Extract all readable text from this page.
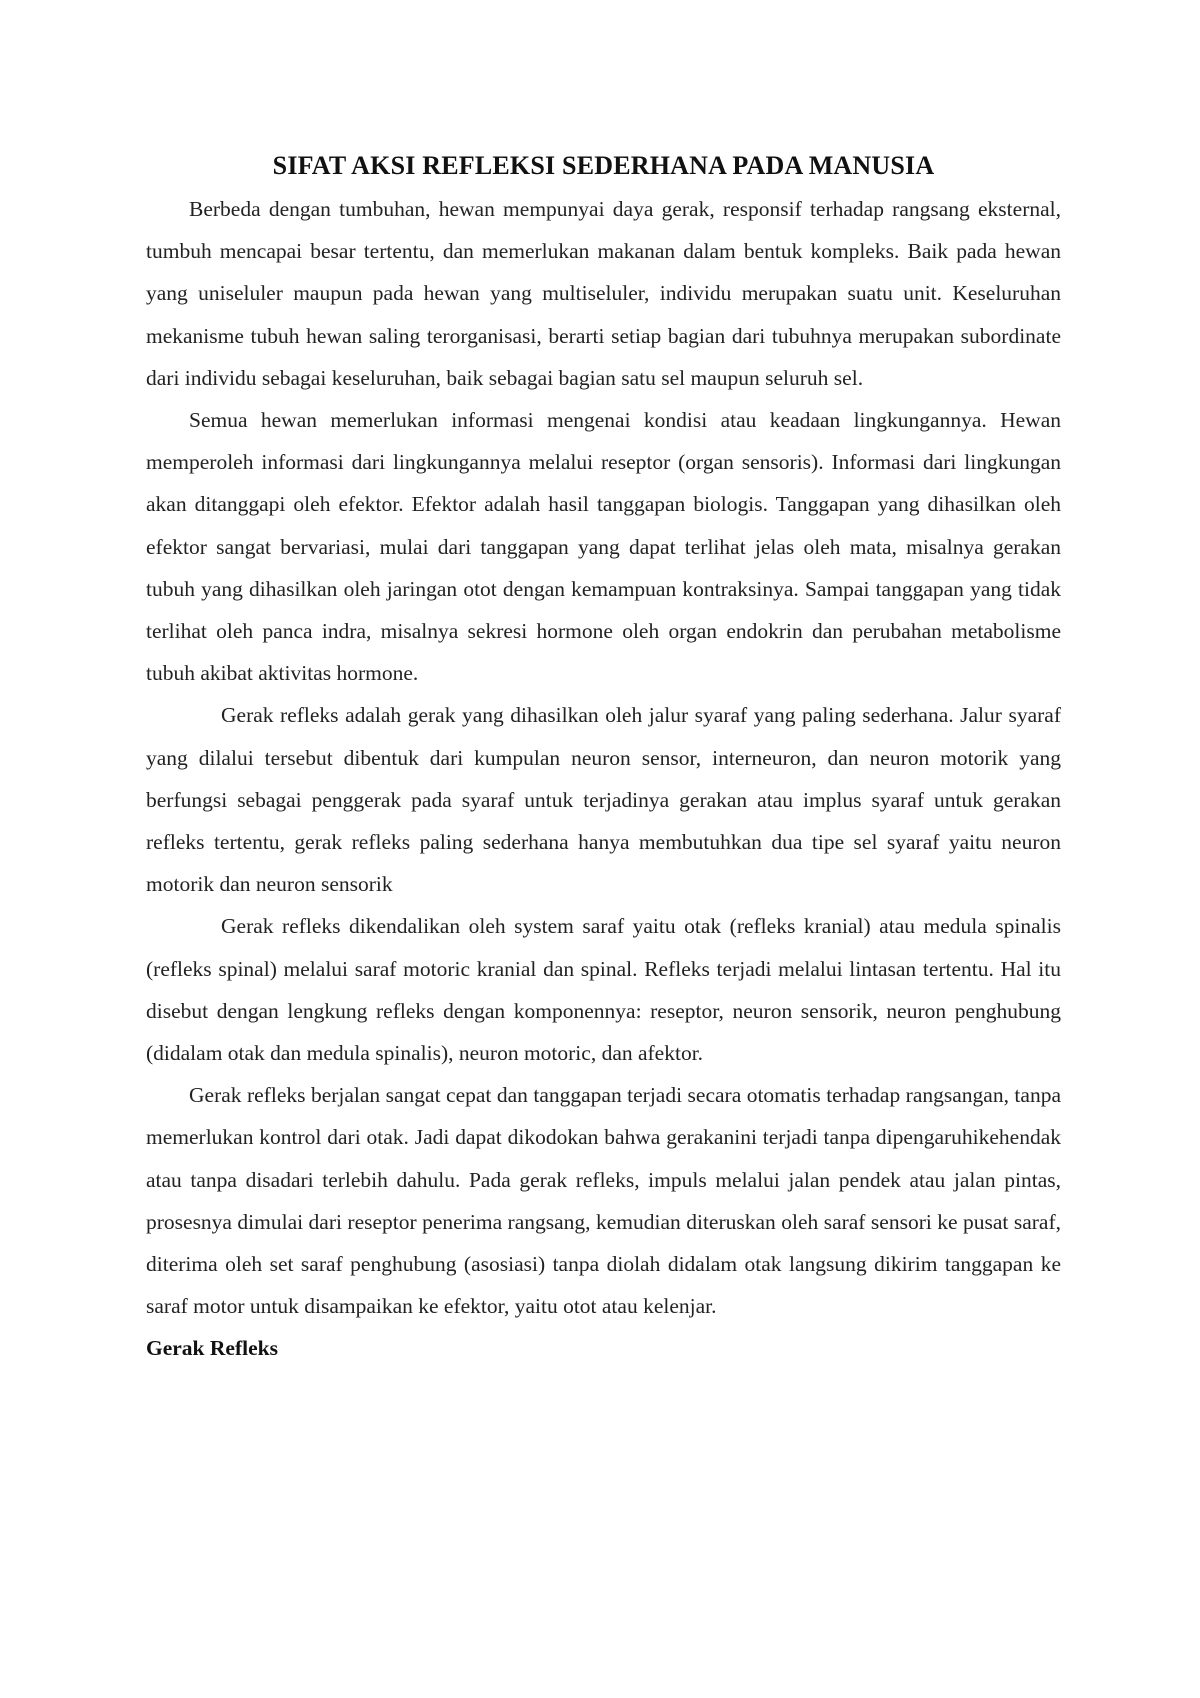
SIFAT AKSI REFLEKSI SEDERHANA PADA MANUSIA

Berbeda dengan tumbuhan, hewan mempunyai daya gerak, responsif terhadap rangsang eksternal, tumbuh mencapai besar tertentu, dan memerlukan makanan dalam bentuk kompleks. Baik pada hewan yang uniseluler maupun pada hewan yang multiseluler, individu merupakan suatu unit. Keseluruhan mekanisme tubuh hewan saling terorganisasi, berarti setiap bagian dari tubuhnya merupakan subordinate dari individu sebagai keseluruhan, baik sebagai bagian satu sel maupun seluruh sel.

Semua hewan memerlukan informasi mengenai kondisi atau keadaan lingkungannya. Hewan memperoleh informasi dari lingkungannya melalui reseptor (organ sensoris). Informasi dari lingkungan akan ditanggapi oleh efektor. Efektor adalah hasil tanggapan biologis. Tanggapan yang dihasilkan oleh efektor sangat bervariasi, mulai dari tanggapan yang dapat terlihat jelas oleh mata, misalnya gerakan tubuh yang dihasilkan oleh jaringan otot dengan kemampuan kontraksinya. Sampai tanggapan yang tidak terlihat oleh panca indra, misalnya sekresi hormone oleh organ endokrin dan perubahan metabolisme tubuh akibat aktivitas hormone.

Gerak refleks adalah gerak yang dihasilkan oleh jalur syaraf yang paling sederhana. Jalur syaraf yang dilalui tersebut dibentuk dari kumpulan neuron sensor, interneuron, dan neuron motorik yang berfungsi sebagai penggerak pada syaraf untuk terjadinya gerakan atau implus syaraf untuk gerakan refleks tertentu, gerak refleks paling sederhana hanya membutuhkan dua tipe sel syaraf yaitu neuron motorik dan neuron sensorik

Gerak refleks dikendalikan oleh system saraf yaitu otak (refleks kranial) atau medula spinalis (refleks spinal) melalui saraf motoric kranial dan spinal. Refleks terjadi melalui lintasan tertentu. Hal itu disebut dengan lengkung refleks dengan komponennya: reseptor, neuron sensorik, neuron penghubung (didalam otak dan medula spinalis), neuron motoric, dan afektor.

Gerak refleks berjalan sangat cepat dan tanggapan terjadi secara otomatis terhadap rangsangan, tanpa memerlukan kontrol dari otak. Jadi dapat dikodokan bahwa gerakanini terjadi tanpa dipengaruhikehendak atau tanpa disadari terlebih dahulu. Pada gerak refleks, impuls melalui jalan pendek atau jalan pintas, prosesnya dimulai dari reseptor penerima rangsang, kemudian diteruskan oleh saraf sensori ke pusat saraf, diterima oleh set saraf penghubung (asosiasi) tanpa diolah didalam otak langsung dikirim tanggapan ke saraf motor untuk disampaikan ke efektor, yaitu otot atau kelenjar.

Gerak Refleks
